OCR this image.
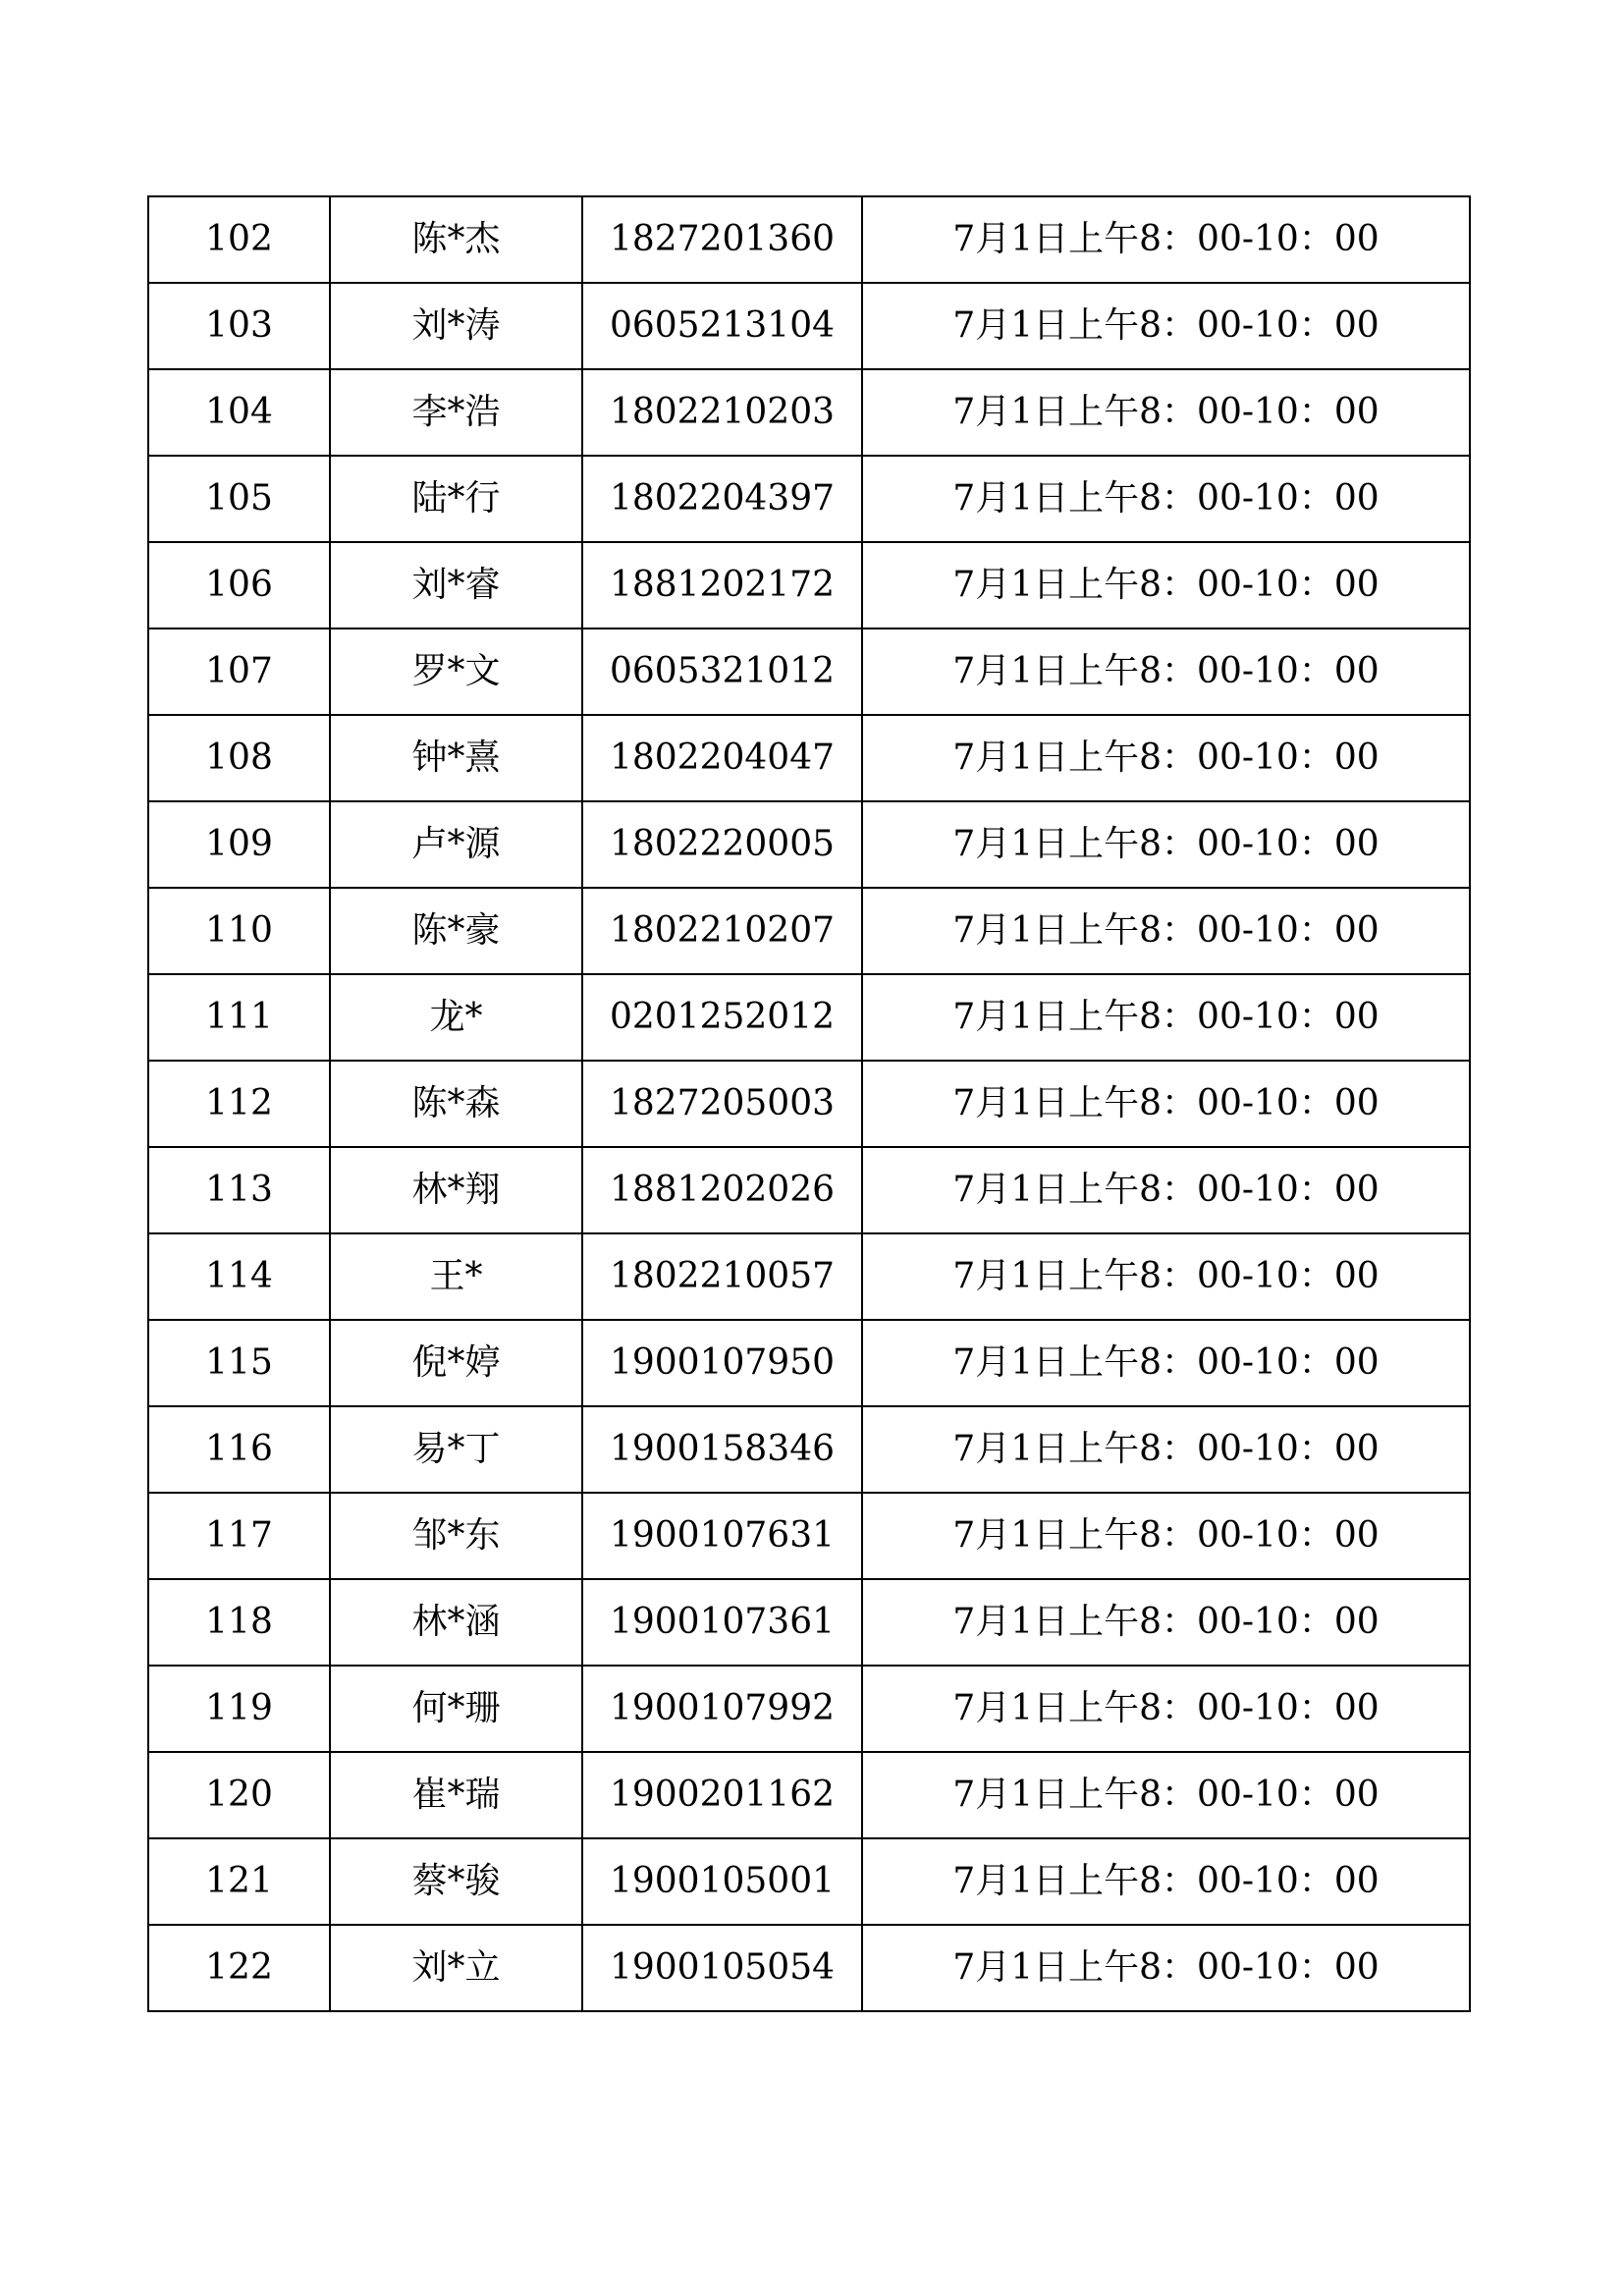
102	陈*杰	1827201360	7月1日上午8：00-10：00
103	刘*涛	0605213104	7月1日上午8：00-10：00
104	李*浩	1802210203	7月1日上午8：00-10：00
105	陆*行	1802204397	7月1日上午8：00-10：00
106	刘*睿	1881202172	7月1日上午8：00-10：00
107	罗*文	0605321012	7月1日上午8：00-10：00
108	钟*熹	1802204047	7月1日上午8：00-10：00
109	卢*源	1802220005	7月1日上午8：00-10：00
110	陈*豪	1802210207	7月1日上午8：00-10：00
111	龙*	0201252012	7月1日上午8：00-10：00
112	陈*森	1827205003	7月1日上午8：00-10：00
113	林*翔	1881202026	7月1日上午8：00-10：00
114	王*	1802210057	7月1日上午8：00-10：00
115	倪*婷	1900107950	7月1日上午8：00-10：00
116	易*丁	1900158346	7月1日上午8：00-10：00
117	邹*东	1900107631	7月1日上午8：00-10：00
118	林*涵	1900107361	7月1日上午8：00-10：00
119	何*珊	1900107992	7月1日上午8：00-10：00
120	崔*瑞	1900201162	7月1日上午8：00-10：00
121	蔡*骏	1900105001	7月1日上午8：00-10：00
122	刘*立	1900105054	7月1日上午8：00-10：00
